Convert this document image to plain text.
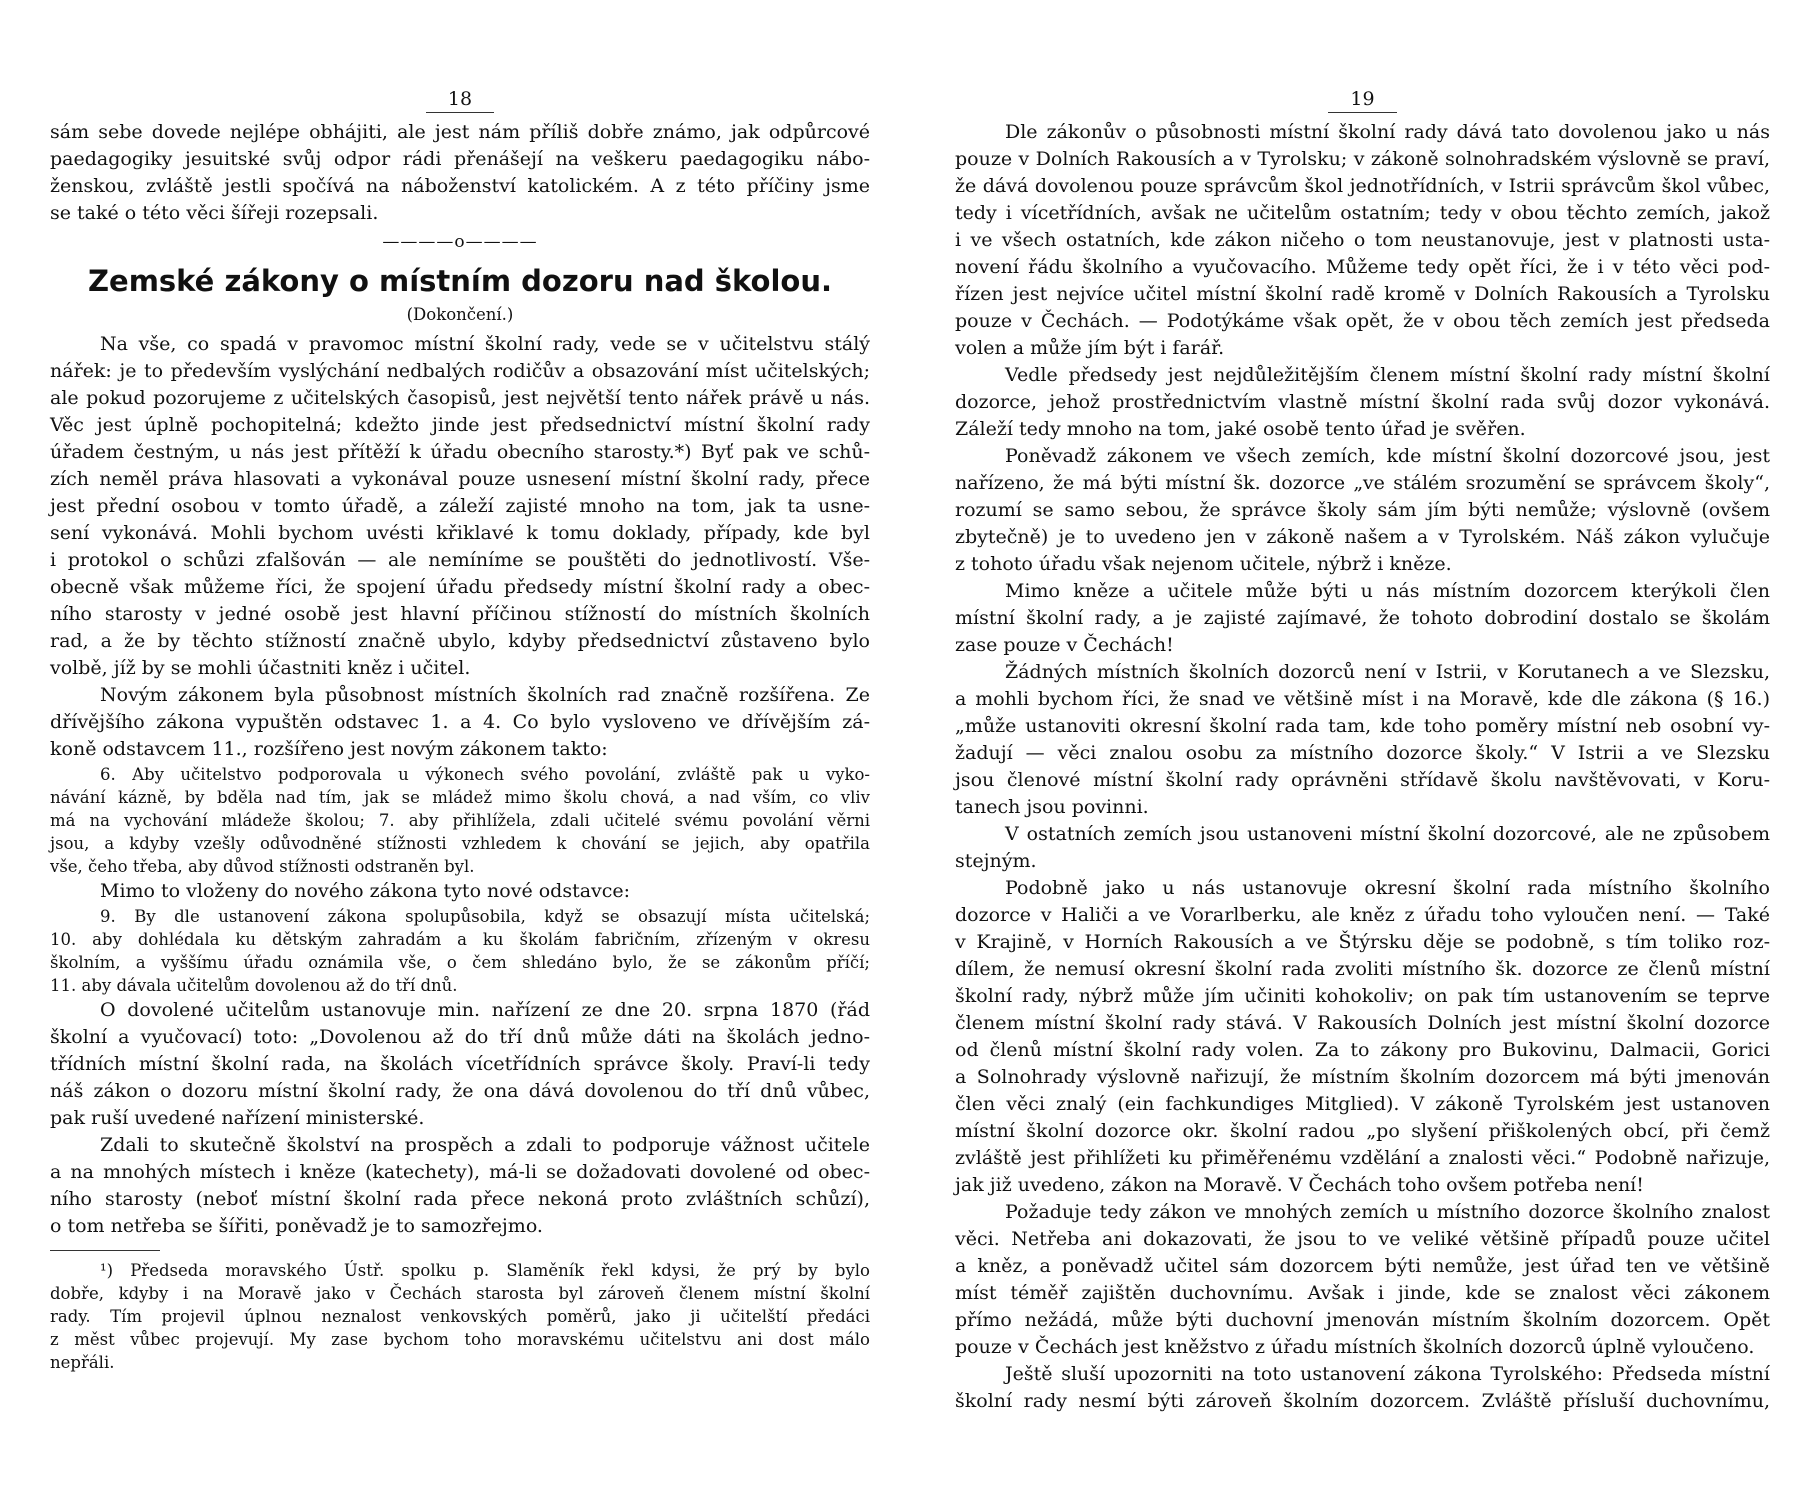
18
sám sebe dovede nejlépe obhájiti, ale jest nám příliš dobře známo, jak odpůrcové
paedagogiky jesuitské svůj odpor rádi přenášejí na veškeru paedagogiku nábo-
ženskou, zvláště jestli spočívá na náboženství katolickém. A z této příčiny jsme
se také o této věci šířeji rozepsali.
————o————
Zemské zákony o místním dozoru nad školou.
(Dokončení.)
Na vše, co spadá v pravomoc místní školní rady, vede se v učitelstvu stálý
nářek: je to především vyslýchání nedbalých rodičův a obsazování míst učitelských;
ale pokud pozorujeme z učitelských časopisů, jest největší tento nářek právě u nás.
Věc jest úplně pochopitelná; kdežto jinde jest předsednictví místní školní rady
úřadem čestným, u nás jest přítěží k úřadu obecního starosty.*) Byť pak ve schů-
zích neměl práva hlasovati a vykonával pouze usnesení místní školní rady, přece
jest přední osobou v tomto úřadě, a záleží zajisté mnoho na tom, jak ta usne-
sení vykonává. Mohli bychom uvésti křiklavé k tomu doklady, případy, kde byl
i protokol o schůzi zfalšován — ale nemíníme se pouštěti do jednotlivostí. Vše-
obecně však můžeme říci, že spojení úřadu předsedy místní školní rady a obec-
ního starosty v jedné osobě jest hlavní příčinou stížností do místních školních
rad, a že by těchto stížností značně ubylo, kdyby předsednictví zůstaveno bylo
volbě, jíž by se mohli účastniti kněz i učitel.
Novým zákonem byla působnost místních školních rad značně rozšířena. Ze
dřívějšího zákona vypuštěn odstavec 1. a 4. Co bylo vysloveno ve dřívějším zá-
koně odstavcem 11., rozšířeno jest novým zákonem takto:
6. Aby učitelstvo podporovala u výkonech svého povolání, zvláště pak u vyko-
návání kázně, by bděla nad tím, jak se mládež mimo školu chová, a nad vším, co vliv
má na vychování mládeže školou; 7. aby přihlížela, zdali učitelé svému povolání věrni
jsou, a kdyby vzešly odůvodněné stížnosti vzhledem k chování se jejich, aby opatřila
vše, čeho třeba, aby důvod stížnosti odstraněn byl.
Mimo to vloženy do nového zákona tyto nové odstavce:
9. By dle ustanovení zákona spolupůsobila, když se obsazují místa učitelská;
10. aby dohlédala ku dětským zahradám a ku školám fabričním, zřízeným v okresu
školním, a vyššímu úřadu oznámila vše, o čem shledáno bylo, že se zákonům příčí;
11. aby dávala učitelům dovolenou až do tří dnů.
O dovolené učitelům ustanovuje min. nařízení ze dne 20. srpna 1870 (řád
školní a vyučovací) toto: „Dovolenou až do tří dnů může dáti na školách jedno-
třídních místní školní rada, na školách vícetřídních správce školy. Praví-li tedy
náš zákon o dozoru místní školní rady, že ona dává dovolenou do tří dnů vůbec,
pak ruší uvedené nařízení ministerské.
Zdali to skutečně školství na prospěch a zdali to podporuje vážnost učitele
a na mnohých místech i kněze (katechety), má-li se dožadovati dovolené od obec-
ního starosty (neboť místní školní rada přece nekoná proto zvláštních schůzí),
o tom netřeba se šířiti, poněvadž je to samozřejmo.
¹) Předseda moravského Ústř. spolku p. Slaměník řekl kdysi, že prý by bylo
dobře, kdyby i na Moravě jako v Čechách starosta byl zároveň členem místní školní
rady. Tím projevil úplnou neznalost venkovských poměrů, jako ji učitelští předáci
z měst vůbec projevují. My zase bychom toho moravskému učitelstvu ani dost málo
nepřáli.
19
Dle zákonův o působnosti místní školní rady dává tato dovolenou jako u nás
pouze v Dolních Rakousích a v Tyrolsku; v zákoně solnohradském výslovně se praví,
že dává dovolenou pouze správcům škol jednotřídních, v Istrii správcům škol vůbec,
tedy i vícetřídních, avšak ne učitelům ostatním; tedy v obou těchto zemích, jakož
i ve všech ostatních, kde zákon ničeho o tom neustanovuje, jest v platnosti usta-
novení řádu školního a vyučovacího. Můžeme tedy opět říci, že i v této věci pod-
řízen jest nejvíce učitel místní školní radě kromě v Dolních Rakousích a Tyrolsku
pouze v Čechách. — Podotýkáme však opět, že v obou těch zemích jest předseda
volen a může jím být i farář.
Vedle předsedy jest nejdůležitějším členem místní školní rady místní školní
dozorce, jehož prostřednictvím vlastně místní školní rada svůj dozor vykonává.
Záleží tedy mnoho na tom, jaké osobě tento úřad je svěřen.
Poněvadž zákonem ve všech zemích, kde místní školní dozorcové jsou, jest
nařízeno, že má býti místní šk. dozorce „ve stálém srozumění se správcem školy“,
rozumí se samo sebou, že správce školy sám jím býti nemůže; výslovně (ovšem
zbytečně) je to uvedeno jen v zákoně našem a v Tyrolském. Náš zákon vylučuje
z tohoto úřadu však nejenom učitele, nýbrž i kněze.
Mimo kněze a učitele může býti u nás místním dozorcem kterýkoli člen
místní školní rady, a je zajisté zajímavé, že tohoto dobrodiní dostalo se školám
zase pouze v Čechách!
Žádných místních školních dozorců není v Istrii, v Korutanech a ve Slezsku,
a mohli bychom říci, že snad ve většině míst i na Moravě, kde dle zákona (§ 16.)
„může ustanoviti okresní školní rada tam, kde toho poměry místní neb osobní vy-
žadují — věci znalou osobu za místního dozorce školy.“ V Istrii a ve Slezsku
jsou členové místní školní rady oprávněni střídavě školu navštěvovati, v Koru-
tanech jsou povinni.
V ostatních zemích jsou ustanoveni místní školní dozorcové, ale ne způsobem
stejným.
Podobně jako u nás ustanovuje okresní školní rada místního školního
dozorce v Haliči a ve Vorarlberku, ale kněz z úřadu toho vyloučen není. — Také
v Krajině, v Horních Rakousích a ve Štýrsku děje se podobně, s tím toliko roz-
dílem, že nemusí okresní školní rada zvoliti místního šk. dozorce ze členů místní
školní rady, nýbrž může jím učiniti kohokoliv; on pak tím ustanovením se teprve
členem místní školní rady stává. V Rakousích Dolních jest místní školní dozorce
od členů místní školní rady volen. Za to zákony pro Bukovinu, Dalmacii, Gorici
a Solnohrady výslovně nařizují, že místním školním dozorcem má býti jmenován
člen věci znalý (ein fachkundiges Mitglied). V zákoně Tyrolském jest ustanoven
místní školní dozorce okr. školní radou „po slyšení přiškolených obcí, při čemž
zvláště jest přihlížeti ku přiměřenému vzdělání a znalosti věci.“ Podobně nařizuje,
jak již uvedeno, zákon na Moravě. V Čechách toho ovšem potřeba není!
Požaduje tedy zákon ve mnohých zemích u místního dozorce školního znalost
věci. Netřeba ani dokazovati, že jsou to ve veliké většině případů pouze učitel
a kněz, a poněvadž učitel sám dozorcem býti nemůže, jest úřad ten ve většině
míst téměř zajištěn duchovnímu. Avšak i jinde, kde se znalost věci zákonem
přímo nežádá, může býti duchovní jmenován místním školním dozorcem. Opět
pouze v Čechách jest kněžstvo z úřadu místních školních dozorců úplně vyloučeno.
Ještě sluší upozorniti na toto ustanovení zákona Tyrolského: Předseda místní
školní rady nesmí býti zároveň školním dozorcem. Zvláště přísluší duchovnímu,
